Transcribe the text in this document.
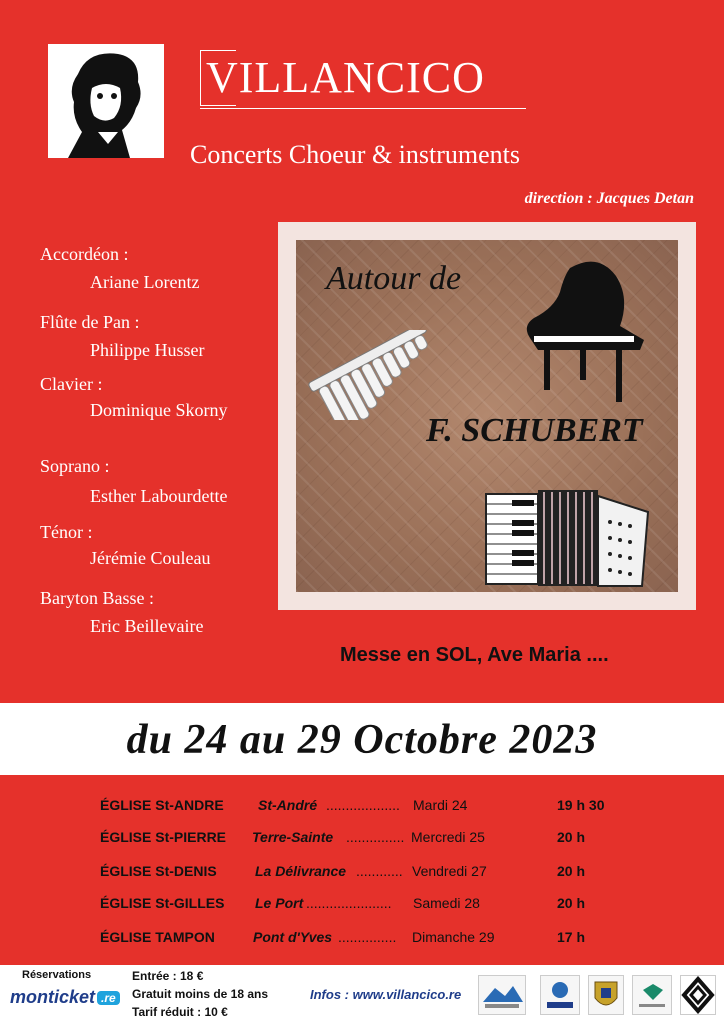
VILLANCICO
Concerts Choeur & instruments
direction : Jacques Detan
Accordéon :
Ariane Lorentz
Flûte de Pan :
Philippe Husser
Clavier :
Dominique Skorny
Soprano :
Esther Labourdette
Ténor :
Jérémie Couleau
Baryton Basse :
Eric Beillevaire
Autour de
F. SCHUBERT
Messe en SOL, Ave Maria ....
du 24 au 29 Octobre 2023
ÉGLISE St-ANDRE St-André ................... Mardi 24	19 h 30
ÉGLISE St-PIERRE Terre-Sainte ............... Mercredi 25	20 h
ÉGLISE St-DENIS	La Délivrance ............ Vendredi 27	20 h
ÉGLISE St-GILLES Le Port ...................... Samedi 28	20 h
ÉGLISE TAMPON	Pont d'Yves ............... Dimanche 29	17 h
Réservations
monticket .re
Entrée : 18 €
Gratuit moins de 18 ans
Tarif réduit : 10 €
Infos : www.villancico.re
